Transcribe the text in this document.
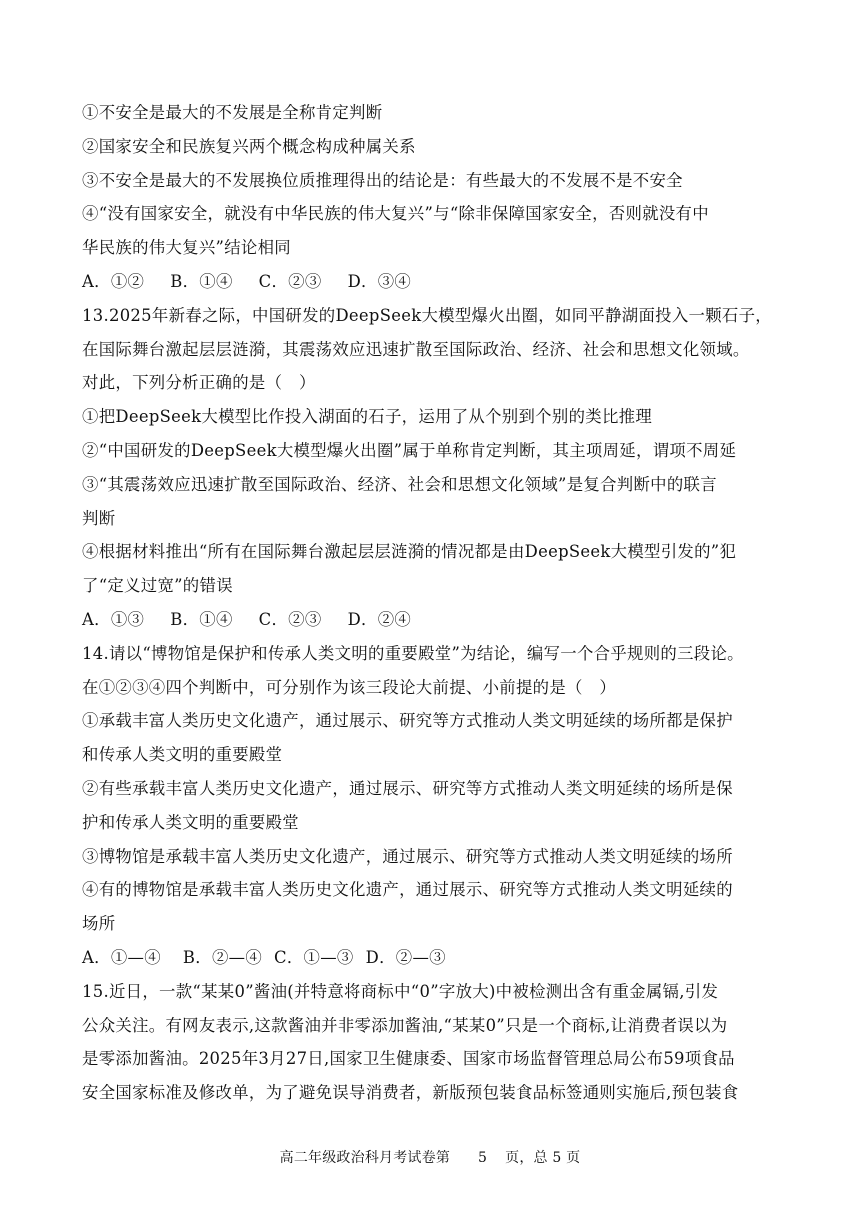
①不安全是最大的不发展是全称肯定判断
②国家安全和民族复兴两个概念构成种属关系
③不安全是最大的不发展换位质推理得出的结论是：有些最大的不发展不是不安全
④“没有国家安全，就没有中华民族的伟大复兴”与“除非保障国家安全，否则就没有中
华民族的伟大复兴”结论相同
A．①② B．①④ C．②③ D．③④
13.2025年新春之际，中国研发的DeepSeek大模型爆火出圈，如同平静湖面投入一颗石子，
在国际舞台激起层层涟漪，其震荡效应迅速扩散至国际政治、经济、社会和思想文化领域。
对此，下列分析正确的是（　）
①把DeepSeek大模型比作投入湖面的石子，运用了从个别到个别的类比推理
②“中国研发的DeepSeek大模型爆火出圈”属于单称肯定判断，其主项周延，谓项不周延
③“其震荡效应迅速扩散至国际政治、经济、社会和思想文化领域”是复合判断中的联言
判断
④根据材料推出“所有在国际舞台激起层层涟漪的情况都是由DeepSeek大模型引发的”犯
了“定义过宽”的错误
A．①③ B．①④ C．②③ D．②④
14.请以“博物馆是保护和传承人类文明的重要殿堂”为结论，编写一个合乎规则的三段论。
在①②③④四个判断中，可分别作为该三段论大前提、小前提的是（　）
①承载丰富人类历史文化遗产，通过展示、研究等方式推动人类文明延续的场所都是保护
和传承人类文明的重要殿堂
②有些承载丰富人类历史文化遗产，通过展示、研究等方式推动人类文明延续的场所是保
护和传承人类文明的重要殿堂
③博物馆是承载丰富人类历史文化遗产，通过展示、研究等方式推动人类文明延续的场所
④有的博物馆是承载丰富人类历史文化遗产，通过展示、研究等方式推动人类文明延续的
场所
A．①—④ B．②—④ C．①—③ D．②—③
15.近日，一款“某某0”酱油(并特意将商标中“0”字放大)中被检测出含有重金属镉,引发
公众关注。有网友表示,这款酱油并非零添加酱油,“某某0”只是一个商标,让消费者误以为
是零添加酱油。2025年3月27日,国家卫生健康委、国家市场监督管理总局公布59项食品
安全国家标准及修改单，为了避免误导消费者，新版预包装食品标签通则实施后,预包装食
高二年级政治科月考试卷第 5 页，总 5 页
